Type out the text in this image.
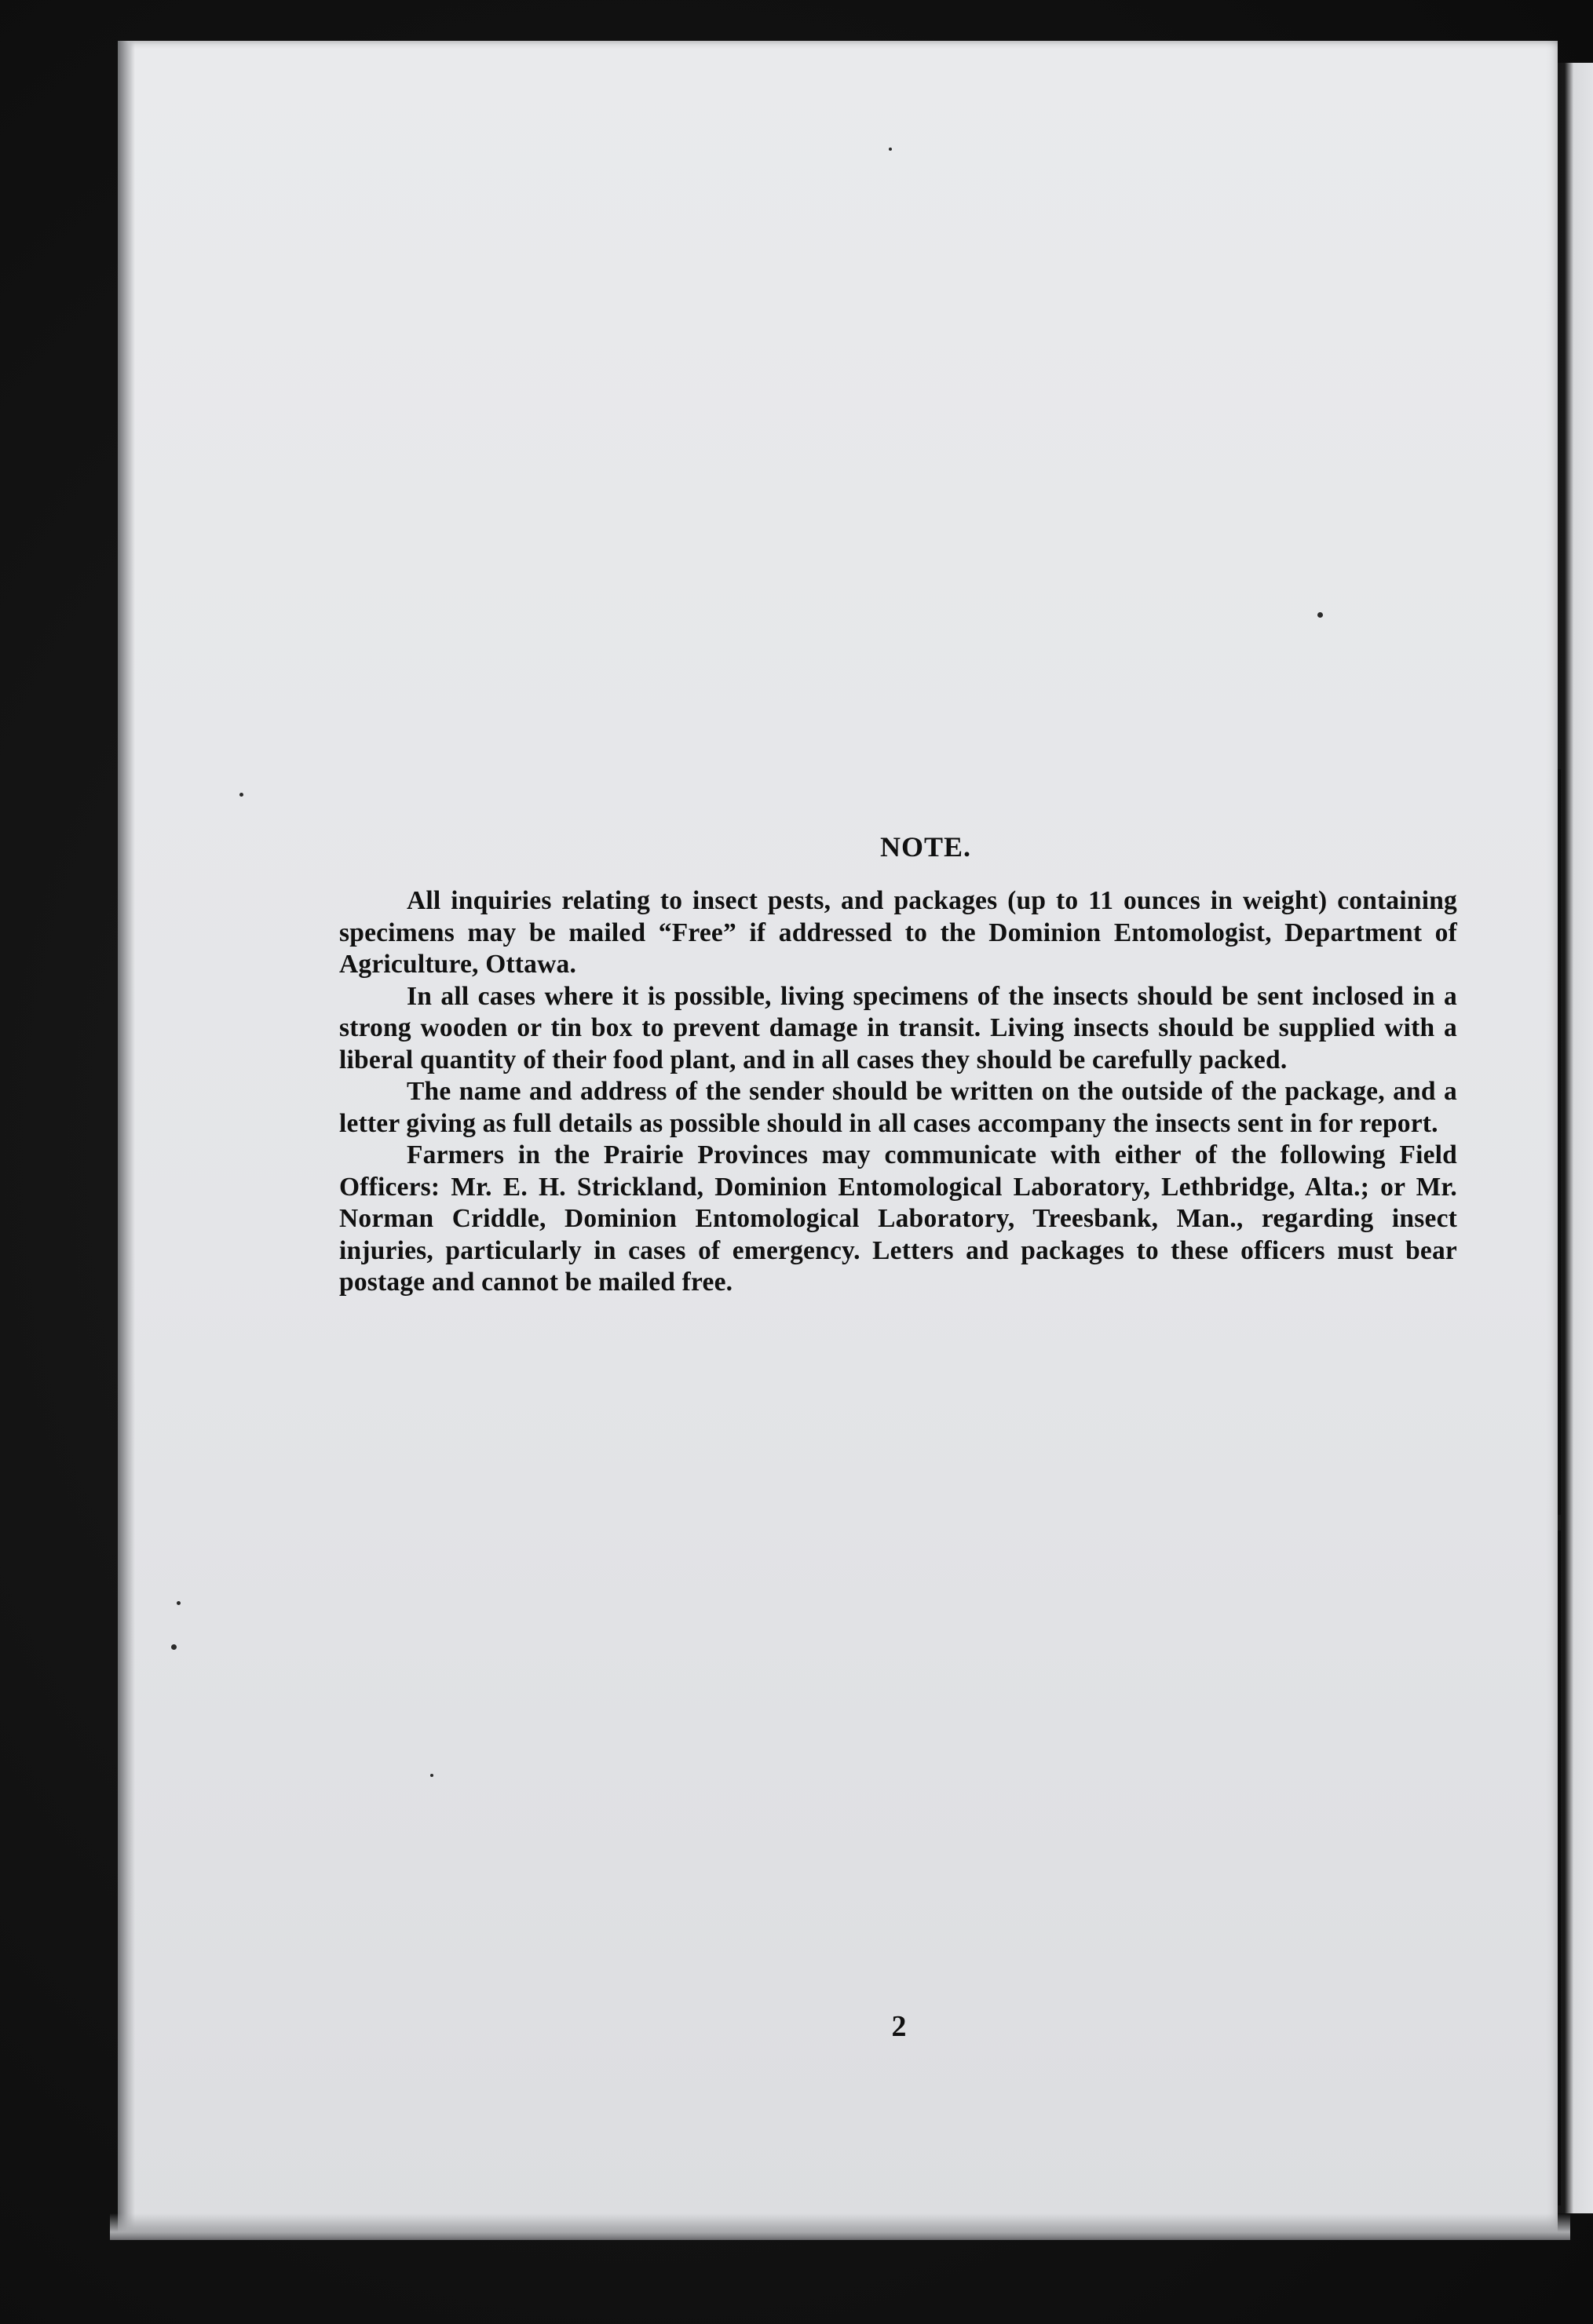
NOTE.

All inquiries relating to insect pests, and packages (up to 11 ounces in weight) containing specimens may be mailed “Free” if addressed to the Dominion Entomologist, Department of Agriculture, Ottawa.

In all cases where it is possible, living specimens of the insects should be sent inclosed in a strong wooden or tin box to prevent damage in transit. Living insects should be supplied with a liberal quantity of their food plant, and in all cases they should be carefully packed.

The name and address of the sender should be written on the outside of the package, and a letter giving as full details as possible should in all cases accompany the insects sent in for report.

Farmers in the Prairie Provinces may communicate with either of the following Field Officers: Mr. E. H. Strickland, Dominion Entomological Laboratory, Lethbridge, Alta.; or Mr. Norman Criddle, Dominion Entomological Laboratory, Treesbank, Man., regarding insect injuries, particularly in cases of emergency. Letters and packages to these officers must bear postage and cannot be mailed free.

2
